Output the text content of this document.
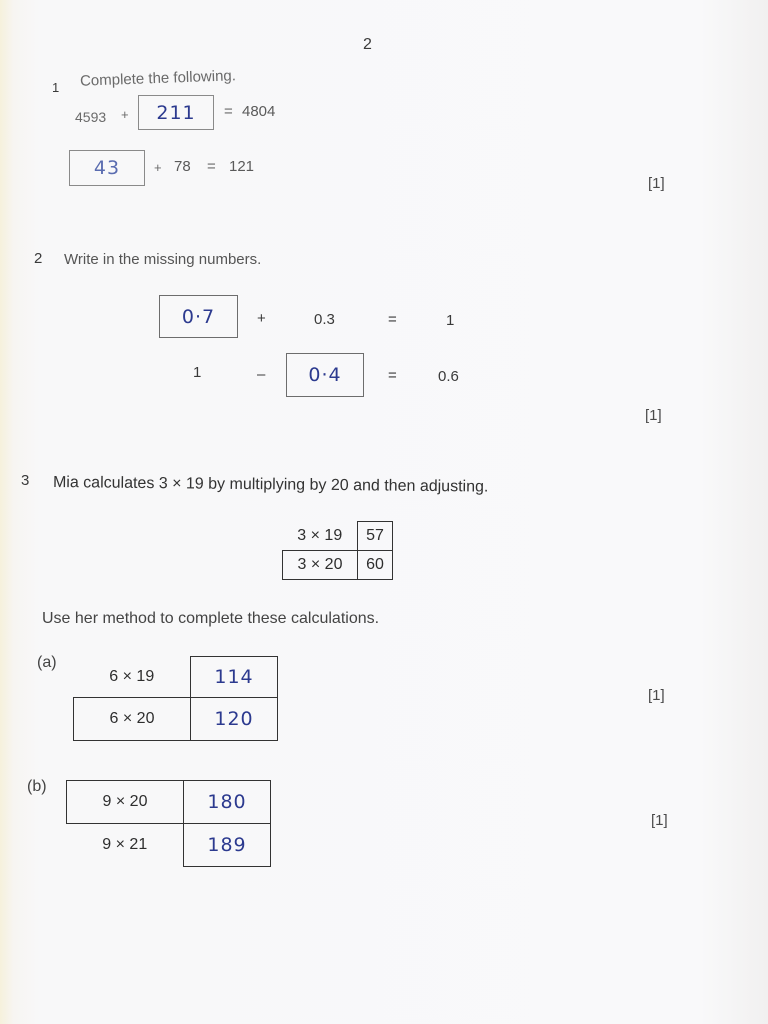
2
1 Complete the following.
4593 + 211 = 4804
43	+ 78 = 121
[1]
2 Write in the missing numbers.
0·7	+	0.3	=	1
1	– 0·4	=	0.6
[1]
3 Mia calculates 3 × 19 by multiplying by 20 and then adjusting.
3 × 19	57
3 × 20	60
Use her method to complete these calculations.
(a)
6 × 19	114
6 × 20	120
[1]
(b)
9 × 20	180
9 × 21	189
[1]
